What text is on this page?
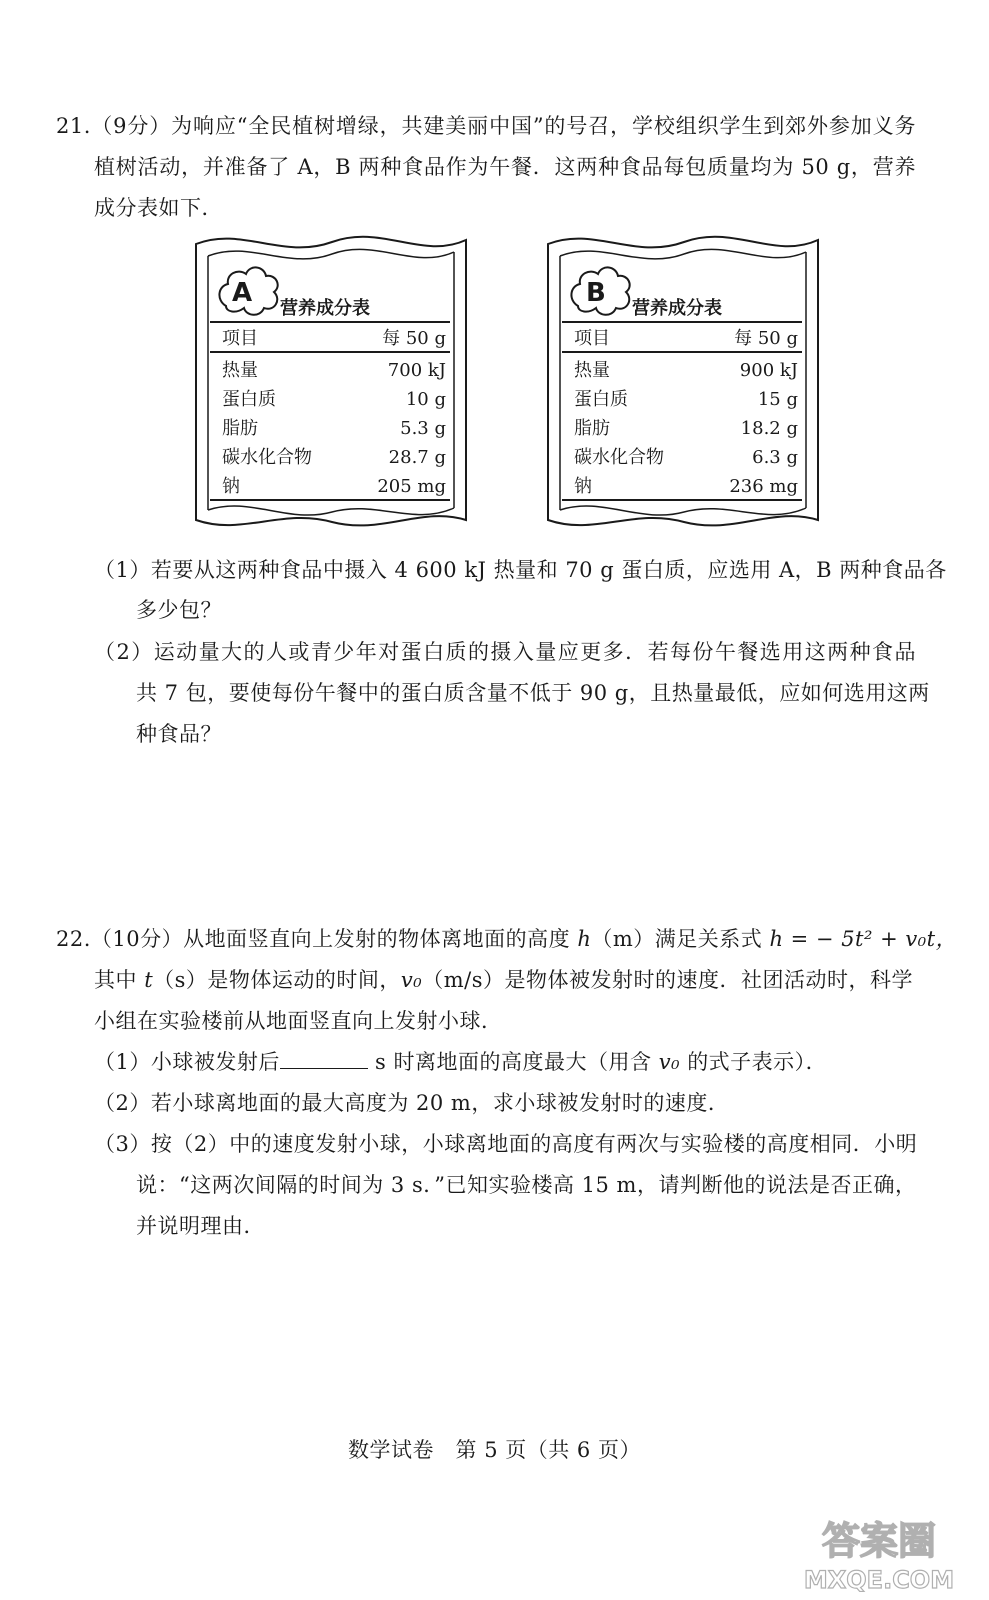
21.（9分）为响应“全民植树增绿，共建美丽中国”的号召，学校组织学生到郊外参加义务
植树活动，并准备了 A，B 两种食品作为午餐．这两种食品每包质量均为 50 g，营养
成分表如下．
A
营养成分表
项目	每 50 g
热量	700 kJ
蛋白质	10 g
脂肪	5.3 g
碳水化合物	28.7 g
钠	205 mg
B
营养成分表
项目	每 50 g
热量	900 kJ
蛋白质	15 g
脂肪	18.2 g
碳水化合物	6.3 g
钠	236 mg
（1）若要从这两种食品中摄入 4 600 kJ 热量和 70 g 蛋白质，应选用 A，B 两种食品各
多少包？
（2）运动量大的人或青少年对蛋白质的摄入量应更多．若每份午餐选用这两种食品
共 7 包，要使每份午餐中的蛋白质含量不低于 90 g，且热量最低，应如何选用这两
种食品？
22.（10分）从地面竖直向上发射的物体离地面的高度 h（m）满足关系式 h = − 5t² + v₀t，
其中 t（s）是物体运动的时间，v₀（m/s）是物体被发射时的速度．社团活动时，科学
小组在实验楼前从地面竖直向上发射小球．
（1）小球被发射后	s 时离地面的高度最大（用含 v₀ 的式子表示）．
（2）若小球离地面的最大高度为 20 m，求小球被发射时的速度．
（3）按（2）中的速度发射小球，小球离地面的高度有两次与实验楼的高度相同．小明
说：“这两次间隔的时间为 3 s．”已知实验楼高 15 m，请判断他的说法是否正确，
并说明理由．
数学试卷　第 5 页（共 6 页）
答案圈
MXQE.COM
